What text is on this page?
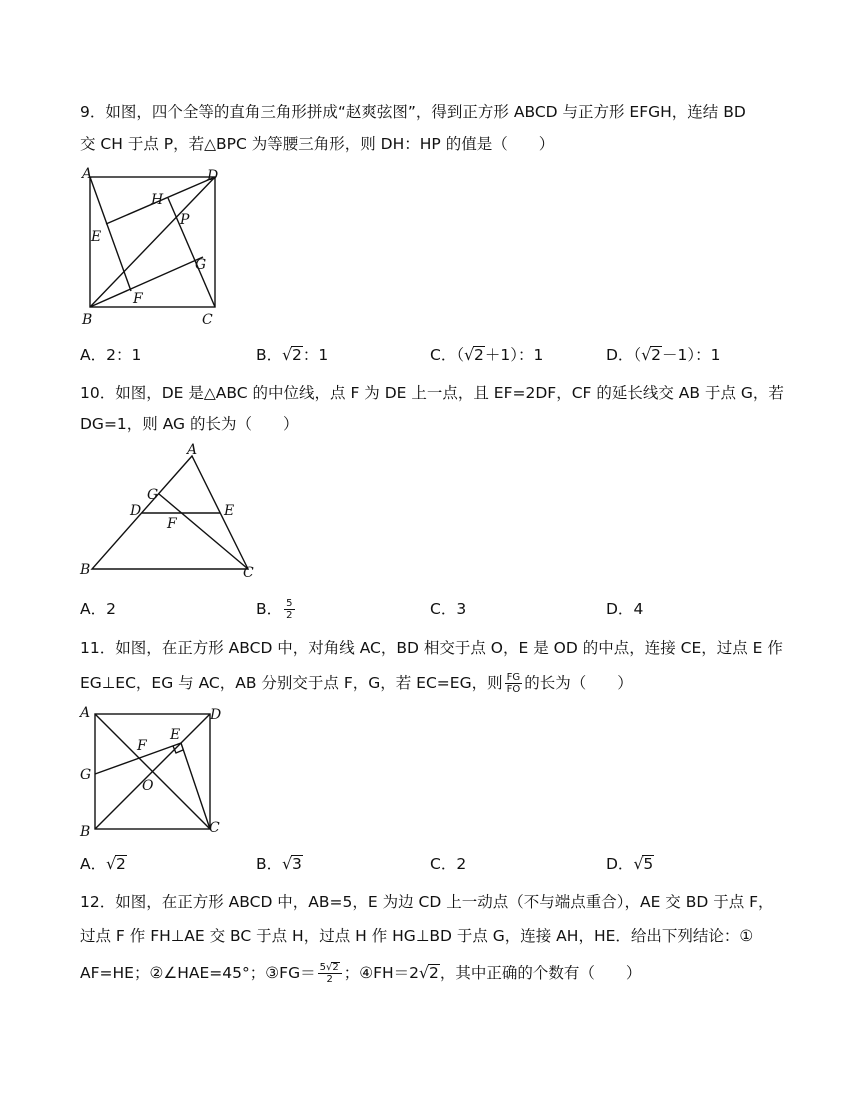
9．如图，四个全等的直角三角形拼成“赵爽弦图”，得到正方形 ABCD 与正方形 EFGH，连结 BD
交 CH 于点 P，若△BPC 为等腰三角形，则 DH：HP 的值是（　　）
A	D
B	C
H
P
E
G
F
A．2：1	B．√2：1	C．（√2＋1）：1	D．（√2－1）：1
10．如图，DE 是△ABC 的中位线，点 F 为 DE 上一点，且 EF=2DF，CF 的延长线交 AB 于点 G，若
DG=1，则 AG 的长为（　　）
A
B	C
D	E
G
F
A．2	B． $\frac{5}{2}$	C．3	D．4
11．如图，在正方形 ABCD 中，对角线 AC，BD 相交于点 O，E 是 OD 的中点，连接 CE，过点 E 作
EG⊥EC，EG 与 AC，AB 分别交于点 F，G，若 EC=EG，则 $\frac{FG}{FO}$ 的长为（　　）
A	D
B	C
G
F
E
O
A．√2	B．√3	C．2	D．√5
12．如图，在正方形 ABCD 中，AB=5，E 为边 CD 上一动点（不与端点重合），AE 交 BD 于点 F，
过点 F 作 FH⊥AE 交 BC 于点 H，过点 H 作 HG⊥BD 于点 G，连接 AH，HE．给出下列结论：①
AF=HE；②∠HAE=45°；③FG＝ $\frac{5√2}{2}$ ；④FH＝2√2，其中正确的个数有（　　）
